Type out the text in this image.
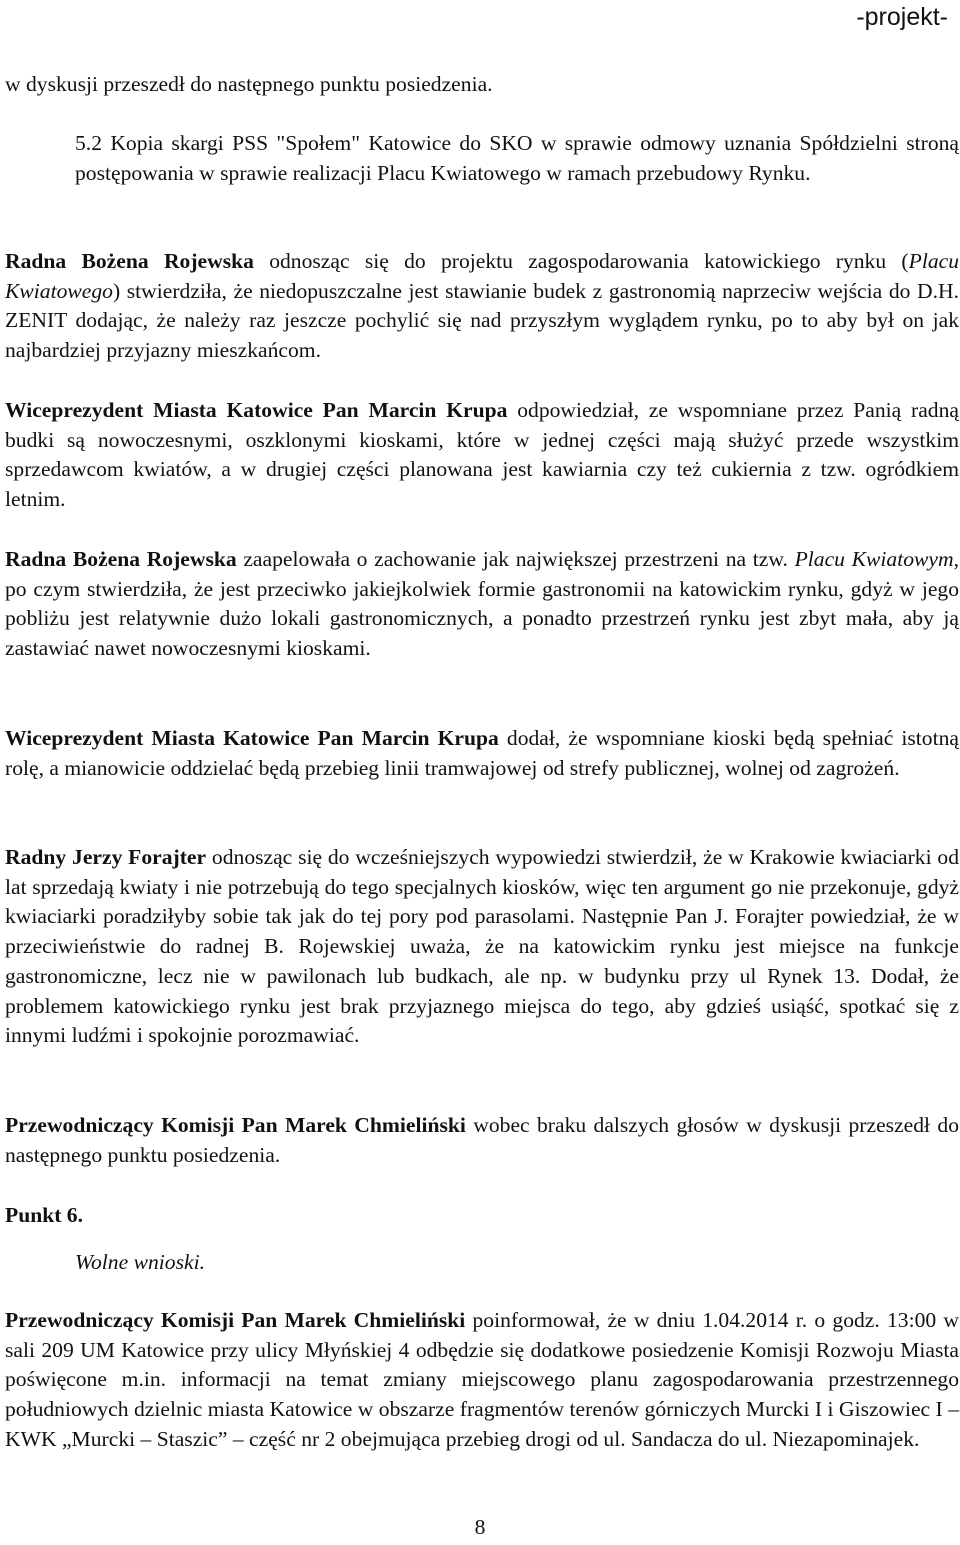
-projekt-

w dyskusji przeszedł do następnego punktu posiedzenia.

5.2 Kopia skargi PSS "Społem" Katowice do SKO w sprawie odmowy uznania Spółdzielni stroną postępowania w sprawie realizacji Placu Kwiatowego w ramach przebudowy Rynku.

Radna Bożena Rojewska odnosząc się do projektu zagospodarowania katowickiego rynku (Placu Kwiatowego) stwierdziła, że niedopuszczalne jest stawianie budek z gastronomią naprzeciw wejścia do D.H. ZENIT dodając, że należy raz jeszcze pochylić się nad przyszłym wyglądem rynku, po to aby był on jak najbardziej przyjazny mieszkańcom.

Wiceprezydent Miasta Katowice Pan Marcin Krupa odpowiedział, ze wspomniane przez Panią radną budki są nowoczesnymi, oszklonymi kioskami, które w jednej części mają służyć przede wszystkim sprzedawcom kwiatów, a w drugiej części planowana jest kawiarnia czy też cukiernia z tzw. ogródkiem letnim.

Radna Bożena Rojewska zaapelowała o zachowanie jak największej przestrzeni na tzw. Placu Kwiatowym, po czym stwierdziła, że jest przeciwko jakiejkolwiek formie gastronomii na katowickim rynku, gdyż w jego pobliżu jest relatywnie dużo lokali gastronomicznych, a ponadto przestrzeń rynku jest zbyt mała, aby ją zastawiać nawet nowoczesnymi kioskami.

Wiceprezydent Miasta Katowice Pan Marcin Krupa dodał, że wspomniane kioski będą spełniać istotną rolę, a mianowicie oddzielać będą przebieg linii tramwajowej od strefy publicznej, wolnej od zagrożeń.

Radny Jerzy Forajter odnosząc się do wcześniejszych wypowiedzi stwierdził, że w Krakowie kwiaciarki od lat sprzedają kwiaty i nie potrzebują do tego specjalnych kiosków, więc ten argument go nie przekonuje, gdyż kwiaciarki poradziłyby sobie tak jak do tej pory pod parasolami. Następnie Pan J. Forajter powiedział, że w przeciwieństwie do radnej B. Rojewskiej uważa, że na katowickim rynku jest miejsce na funkcje gastronomiczne, lecz nie w pawilonach lub budkach, ale np. w budynku przy ul Rynek 13. Dodał, że problemem katowickiego rynku jest brak przyjaznego miejsca do tego, aby gdzieś usiąść, spotkać się z innymi ludźmi i spokojnie porozmawiać.

Przewodniczący Komisji Pan Marek Chmieliński wobec braku dalszych głosów w dyskusji przeszedł do następnego punktu posiedzenia.

Punkt 6.

Wolne wnioski.

Przewodniczący Komisji Pan Marek Chmieliński poinformował, że w dniu 1.04.2014 r. o godz. 13:00 w sali 209 UM Katowice przy ulicy Młyńskiej 4 odbędzie się dodatkowe posiedzenie Komisji Rozwoju Miasta poświęcone m.in. informacji na temat zmiany miejscowego planu zagospodarowania przestrzennego południowych dzielnic miasta Katowice w obszarze fragmentów terenów górniczych Murcki I i Giszowiec I – KWK „Murcki – Staszic” – część nr 2 obejmująca przebieg drogi od ul. Sandacza do ul. Niezapominajek.

8
